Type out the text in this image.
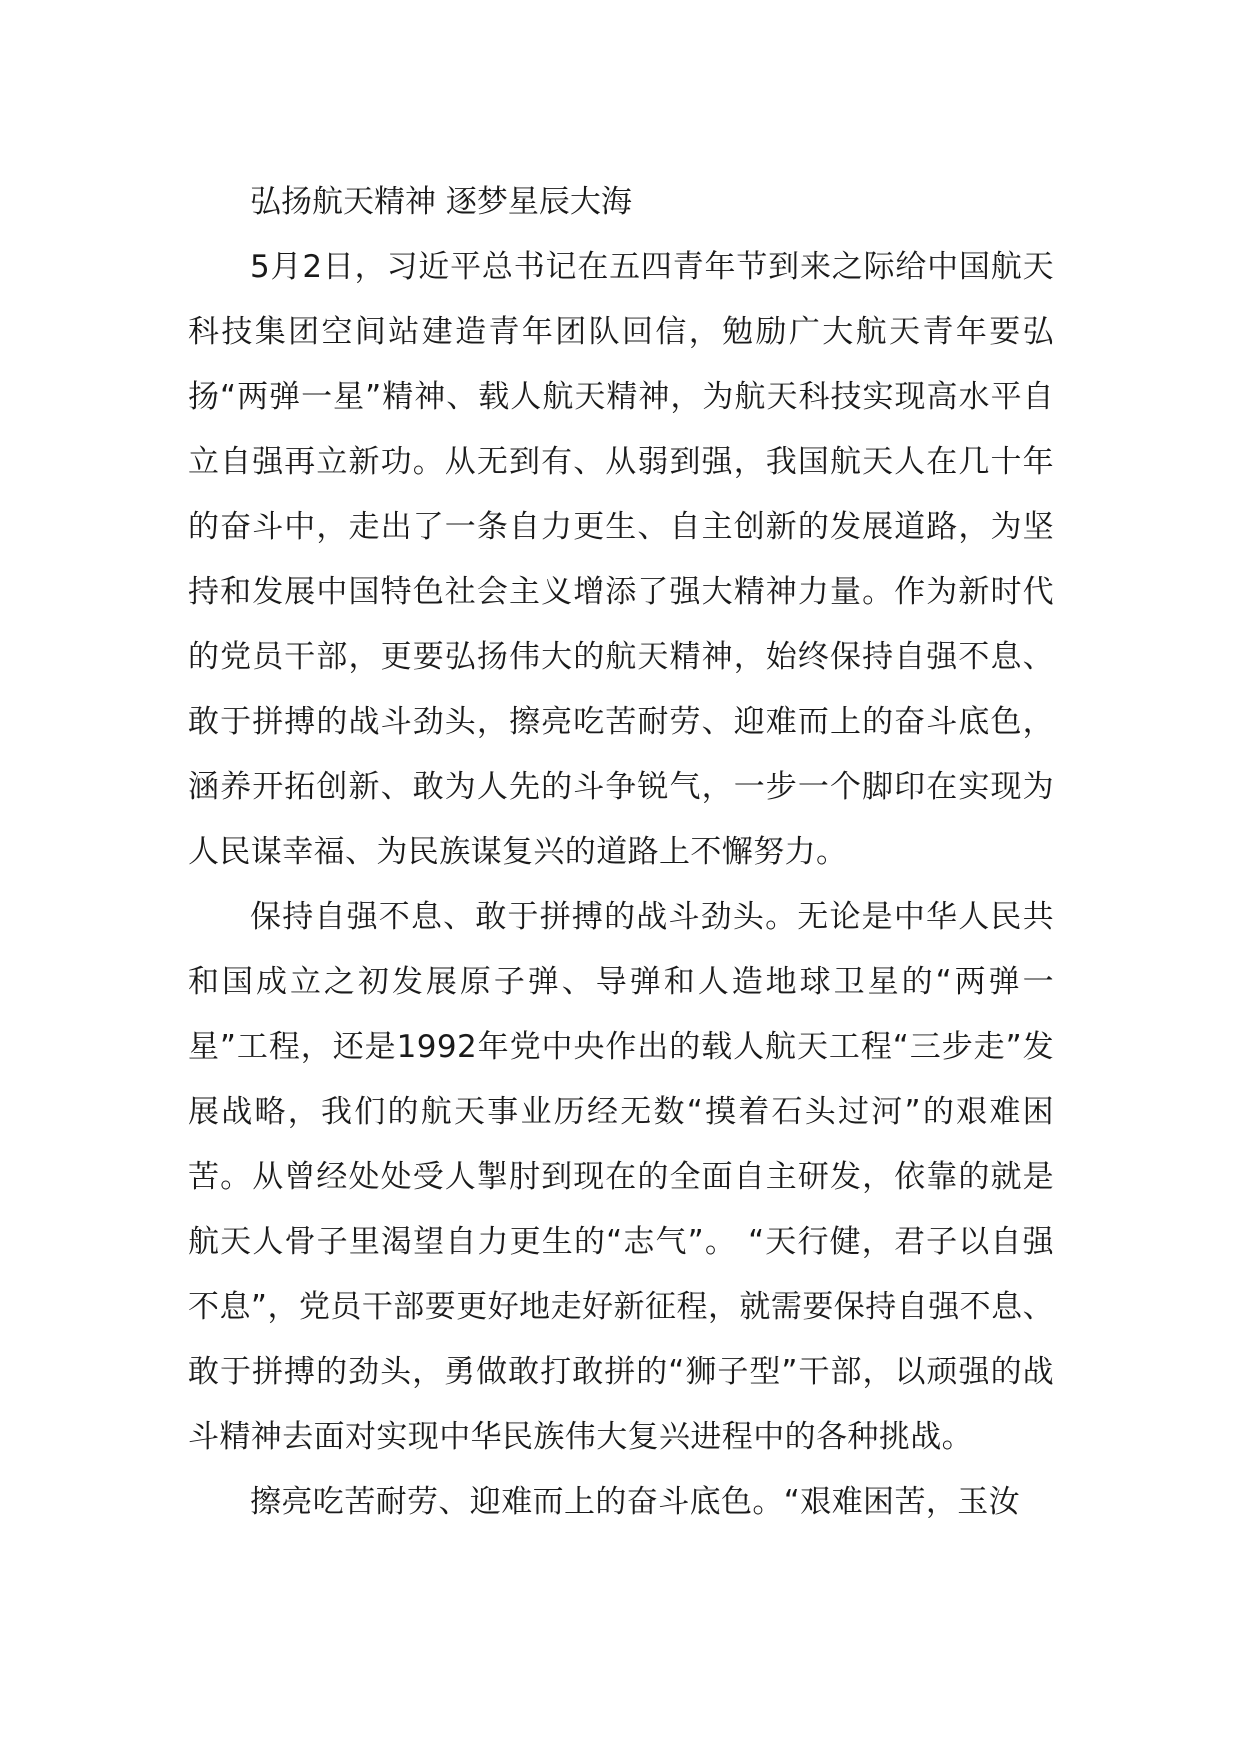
弘扬航天精神 逐梦星辰大海

5月2日，习近平总书记在五四青年节到来之际给中国航天科技集团空间站建造青年团队回信，勉励广大航天青年要弘扬“两弹一星”精神、载人航天精神，为航天科技实现高水平自立自强再立新功。从无到有、从弱到强，我国航天人在几十年的奋斗中，走出了一条自力更生、自主创新的发展道路，为坚持和发展中国特色社会主义增添了强大精神力量。作为新时代的党员干部，更要弘扬伟大的航天精神，始终保持自强不息、敢于拼搏的战斗劲头，擦亮吃苦耐劳、迎难而上的奋斗底色，涵养开拓创新、敢为人先的斗争锐气，一步一个脚印在实现为人民谋幸福、为民族谋复兴的道路上不懈努力。

保持自强不息、敢于拼搏的战斗劲头。无论是中华人民共和国成立之初发展原子弹、导弹和人造地球卫星的“两弹一星”工程，还是1992年党中央作出的载人航天工程“三步走”发展战略，我们的航天事业历经无数“摸着石头过河”的艰难困苦。从曾经处处受人掣肘到现在的全面自主研发，依靠的就是航天人骨子里渴望自力更生的“志气”。 “天行健，君子以自强不息”，党员干部要更好地走好新征程，就需要保持自强不息、敢于拼搏的劲头，勇做敢打敢拼的“狮子型”干部，以顽强的战斗精神去面对实现中华民族伟大复兴进程中的各种挑战。

擦亮吃苦耐劳、迎难而上的奋斗底色。“艰难困苦，玉汝
